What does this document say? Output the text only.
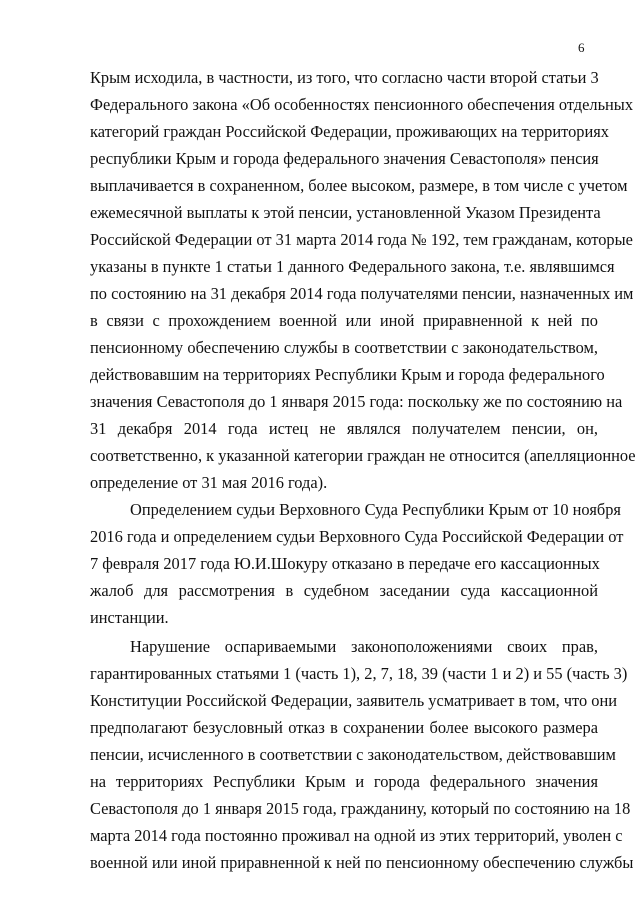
6
Крым исходила, в частности, из того, что согласно части второй статьи 3
Федерального закона «Об особенностях пенсионного обеспечения отдельных
категорий граждан Российской Федерации, проживающих на территориях
республики Крым и города федерального значения Севастополя» пенсия
выплачивается в сохраненном, более высоком, размере, в том числе с учетом
ежемесячной выплаты к этой пенсии, установленной Указом Президента
Российской Федерации от 31 марта 2014 года № 192, тем гражданам, которые
указаны в пункте 1 статьи 1 данного Федерального закона, т.е. являвшимся
по состоянию на 31 декабря 2014 года получателями пенсии, назначенных им
в связи с прохождением военной или иной приравненной к ней по
пенсионному обеспечению службы в соответствии с законодательством,
действовавшим на территориях Республики Крым и города федерального
значения Севастополя до 1 января 2015 года: поскольку же по состоянию на
31 декабря 2014 года истец не являлся получателем пенсии, он,
соответственно, к указанной категории граждан не относится (апелляционное
определение от 31 мая 2016 года).
Определением судьи Верховного Суда Республики Крым от 10 ноября
2016 года и определением судьи Верховного Суда Российской Федерации от
7 февраля 2017 года Ю.И.Шокуру отказано в передаче его кассационных
жалоб для рассмотрения в судебном заседании суда кассационной
инстанции.
Нарушение оспариваемыми законоположениями своих прав,
гарантированных статьями 1 (часть 1), 2, 7, 18, 39 (части 1 и 2) и 55 (часть 3)
Конституции Российской Федерации, заявитель усматривает в том, что они
предполагают безусловный отказ в сохранении более высокого размера
пенсии, исчисленного в соответствии с законодательством, действовавшим
на территориях Республики Крым и города федерального значения
Севастополя до 1 января 2015 года, гражданину, который по состоянию на 18
марта 2014 года постоянно проживал на одной из этих территорий, уволен с
военной или иной приравненной к ней по пенсионному обеспечению службы
